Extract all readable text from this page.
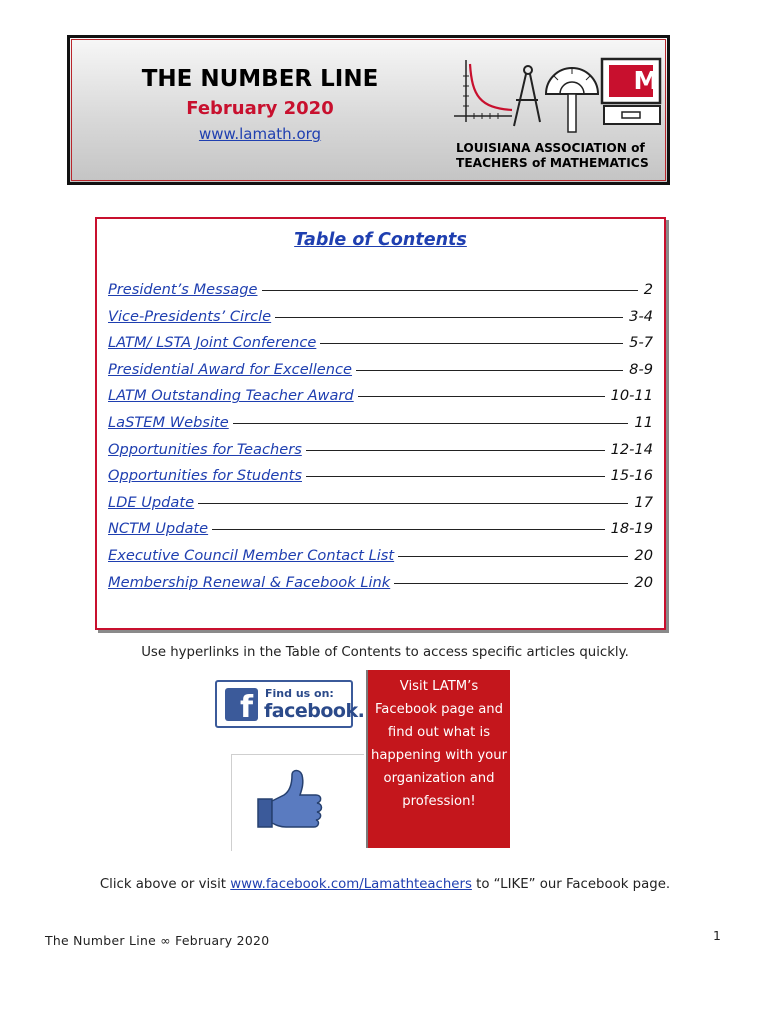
THE NUMBER LINE
February 2020
www.lamath.org
M
LOUISIANA ASSOCIATION of
TEACHERS of MATHEMATICS
Table of Contents
President’s Message	2
Vice-Presidents’ Circle	3-4
LATM/ LSTA Joint Conference	5-7
Presidential Award for Excellence	8-9
LATM Outstanding Teacher Award	10-11
LaSTEM Website	11
Opportunities for Teachers	12-14
Opportunities for Students	15-16
LDE Update	17
NCTM Update	18-19
Executive Council Member Contact List	20
Membership Renewal & Facebook Link	20
Use hyperlinks in the Table of Contents to access specific articles quickly.
f	Find us on:
facebook.
Visit LATM’s
Facebook page and
find out what is
happening with your
organization and
profession!
Click above or visit www.facebook.com/Lamathteachers to “LIKE” our Facebook page.
The Number Line ∞ February 2020	1
